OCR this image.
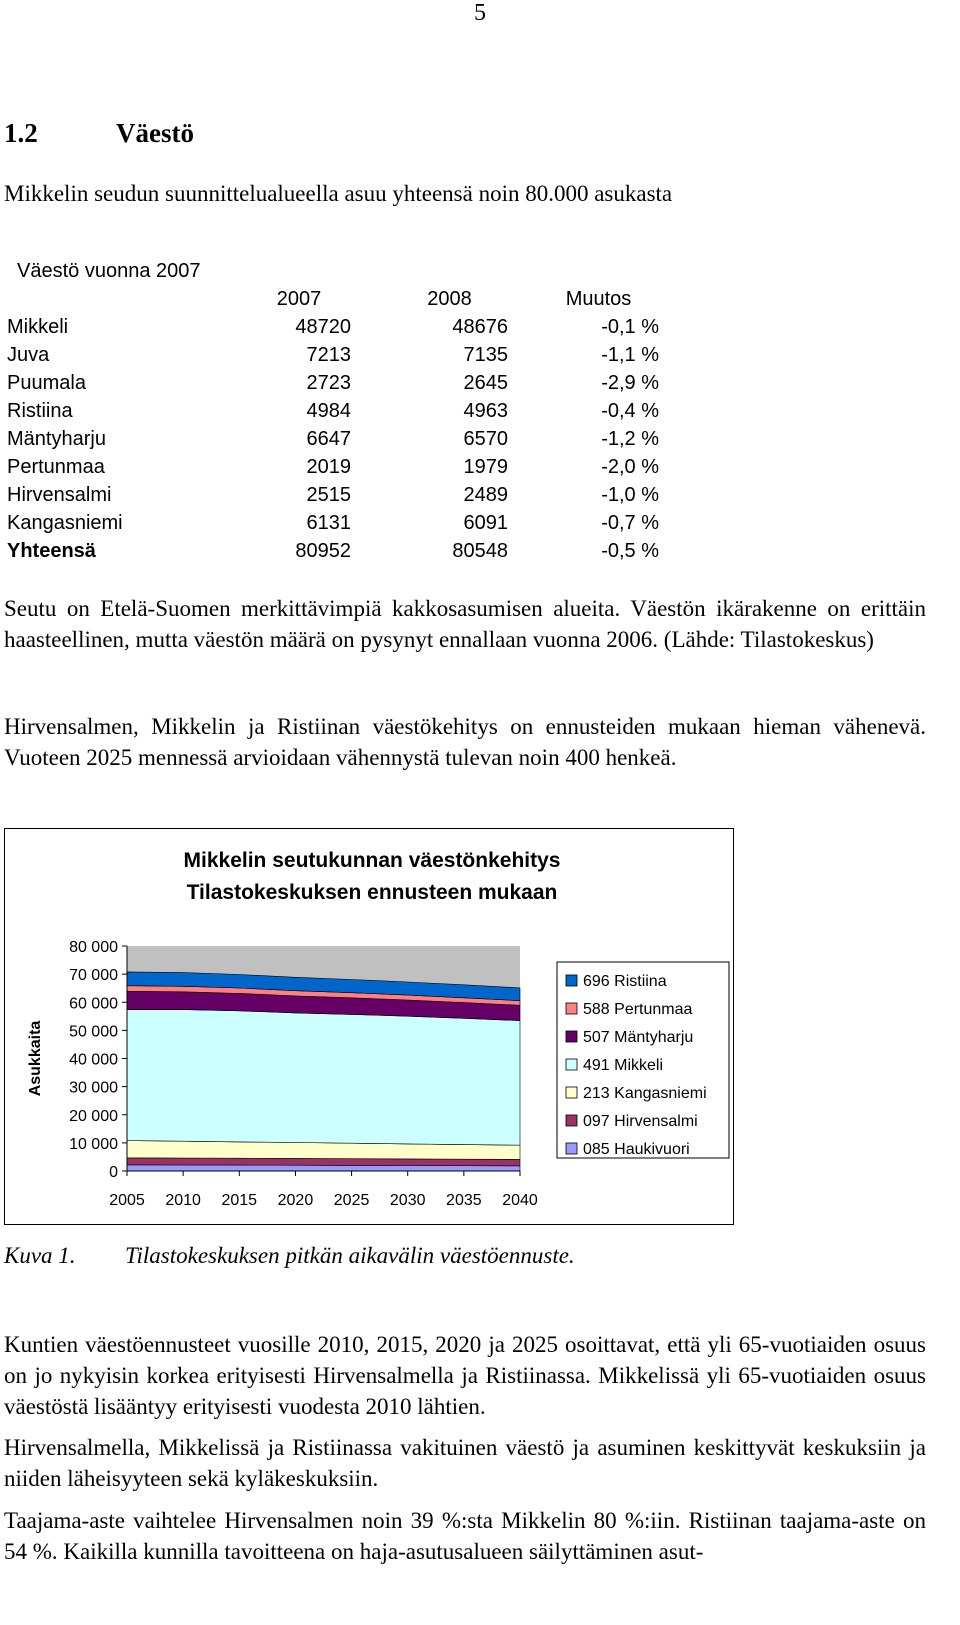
5
1.2	Väestö
Mikkelin seudun suunnittelualueella asuu yhteensä noin 80.000 asukasta
Väestö vuonna 2007
	2007	2008	Muutos
Mikkeli	48720	48676	-0,1 %
Juva	7213	7135	-1,1 %
Puumala	2723	2645	-2,9 %
Ristiina	4984	4963	-0,4 %
Mäntyharju	6647	6570	-1,2 %
Pertunmaa	2019	1979	-2,0 %
Hirvensalmi	2515	2489	-1,0 %
Kangasniemi	6131	6091	-0,7 %
Yhteensä	80952	80548	-0,5 %

Seutu on Etelä-Suomen merkittävimpiä kakkosasumisen alueita. Väestön ikärakenne on erittäin haasteellinen, mutta väestön määrä on pysynyt ennallaan vuonna 2006. (Lähde: Tilastokeskus)

Hirvensalmen, Mikkelin ja Ristiinan väestökehitys on ennusteiden mukaan hieman vähenevä. Vuoteen 2025 mennessä arvioidaan vähennystä tulevan noin 400 henkeä.

Mikkelin seutukunnan väestönkehitys
Tilastokeskuksen ennusteen mukaan
0
10 000
20 000
30 000
40 000
50 000
60 000
70 000
80 000
2005 2010 2015 2020 2025 2030 2035 2040
Asukkaita
696 Ristiina
588 Pertunmaa
507 Mäntyharju
491 Mikkeli
213 Kangasniemi
097 Hirvensalmi
085 Haukivuori
Kuva 1. Tilastokeskuksen pitkän aikavälin väestöennuste.

Kuntien väestöennusteet vuosille 2010, 2015, 2020 ja 2025 osoittavat, että yli 65-vuotiaiden osuus on jo nykyisin korkea erityisesti Hirvensalmella ja Ristiinassa. Mikkelissä yli 65-vuotiaiden osuus väestöstä lisääntyy erityisesti vuodesta 2010 lähtien.

Hirvensalmella, Mikkelissä ja Ristiinassa vakituinen väestö ja asuminen keskittyvät keskuksiin ja niiden läheisyyteen sekä kyläkeskuksiin.

Taajama-aste vaihtelee Hirvensalmen noin 39 %:sta Mikkelin 80 %:iin. Ristiinan taajama-aste on 54 %. Kaikilla kunnilla tavoitteena on haja-asutusalueen säilyttäminen asut-
